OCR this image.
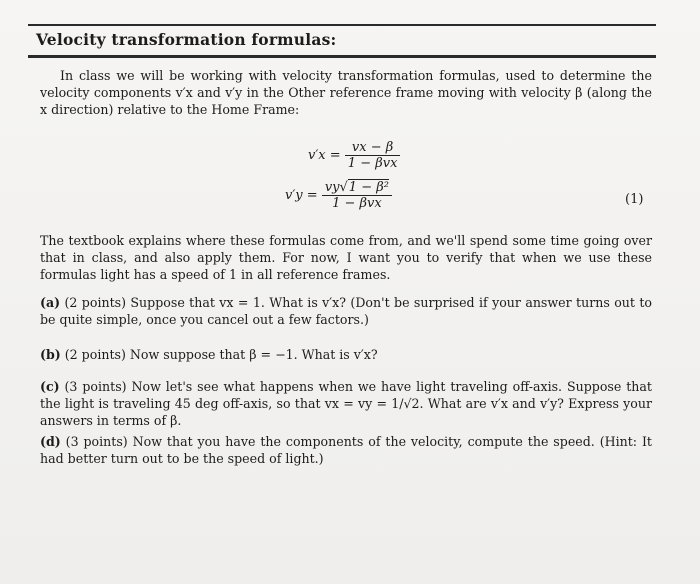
Velocity transformation formulas:
In class we will be working with velocity transformation formulas, used to determine the velocity components v′x and v′y in the Other reference frame moving with velocity β (along the x direction) relative to the Home Frame:
$v'x = \frac{vx - \beta}{\text{1 − βvx}}$
$v'y = \frac{\text{vy√1 − β²}}{\text{1 − βvx}}$	(1)
The textbook explains where these formulas come from, and we'll spend some time going over that in class, and also apply them. For now, I want you to verify that when we use these formulas light has a speed of 1 in all reference frames.
(a) (2 points) Suppose that vx = 1. What is v′x? (Don't be surprised if your answer turns out to be quite simple, once you cancel out a few factors.)
(b) (2 points) Now suppose that β = −1. What is v′x?
(c) (3 points) Now let's see what happens when we have light traveling off-axis. Suppose that the light is traveling 45 deg off-axis, so that vx = vy = 1/√2. What are v′x and v′y? Express your answers in terms of β.
(d) (3 points) Now that you have the components of the velocity, compute the speed. (Hint: It had better turn out to be the speed of light.)
